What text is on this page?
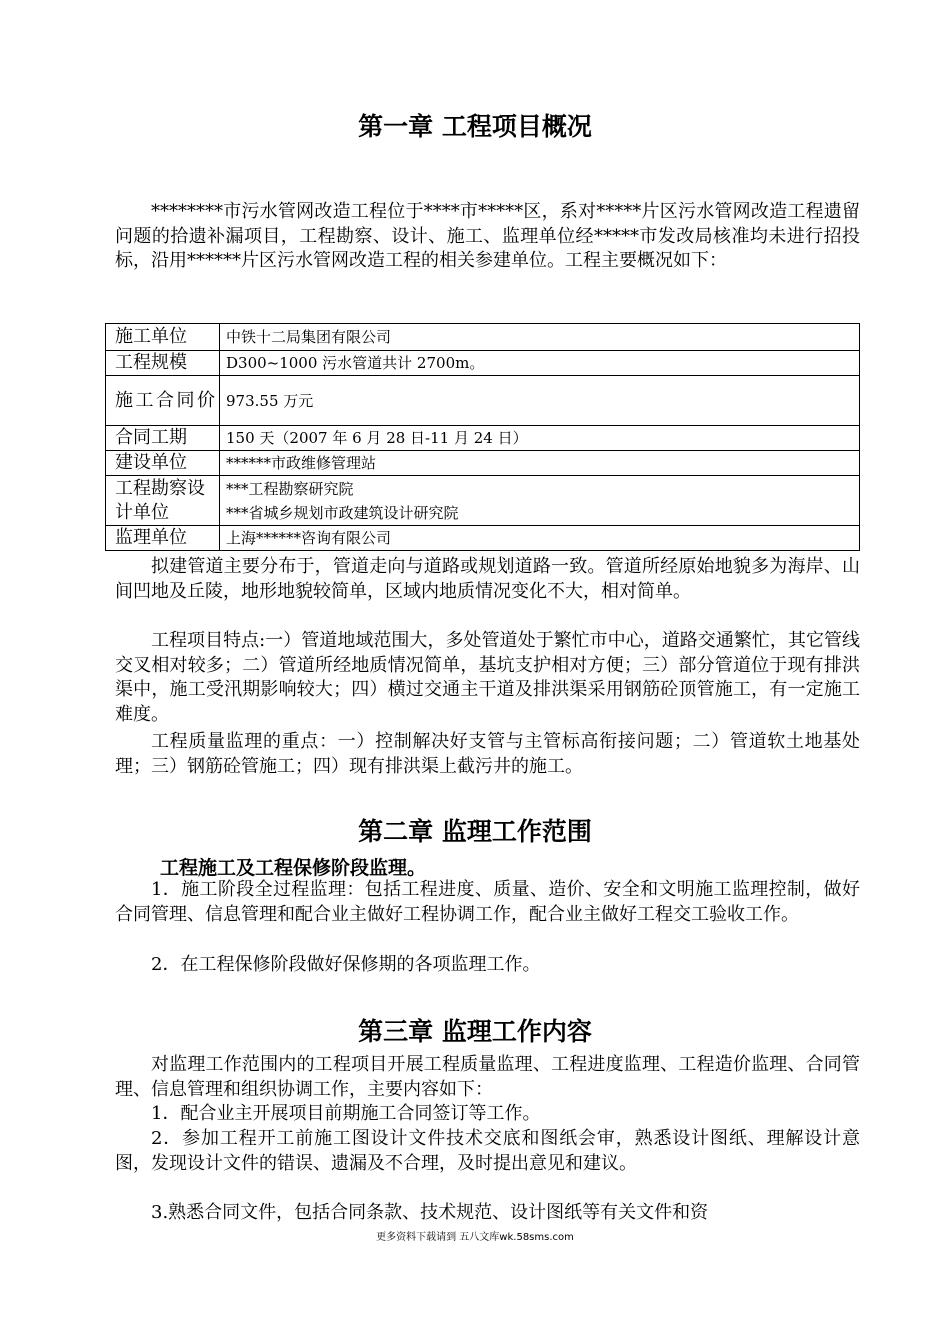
第一章 工程项目概况

********市污水管网改造工程位于****市*****区，系对*****片区污水管网改造工程遗留问题的拾遗补漏项目，工程勘察、设计、施工、监理单位经*****市发改局核准均未进行招投标，沿用******片区污水管网改造工程的相关参建单位。工程主要概况如下：

施工单位	中铁十二局集团有限公司
工程规模	D300~1000 污水管道共计 2700m。
施工合同价	973.55 万元
合同工期	150 天（2007 年 6 月 28 日-11 月 24 日）
建设单位	******市政维修管理站
工程勘察设计单位	***工程勘察研究院
***省城乡规划市政建筑设计研究院

监理单位	上海******咨询有限公司

拟建管道主要分布于，管道走向与道路或规划道路一致。管道所经原始地貌多为海岸、山间凹地及丘陵，地形地貌较简单，区域内地质情况变化不大，相对简单。

工程项目特点:一）管道地域范围大，多处管道处于繁忙市中心，道路交通繁忙，其它管线交叉相对较多；二）管道所经地质情况简单，基坑支护相对方便；三）部分管道位于现有排洪渠中，施工受汛期影响较大；四）横过交通主干道及排洪渠采用钢筋砼顶管施工，有一定施工难度。

工程质量监理的重点：一）控制解决好支管与主管标高衔接问题；二）管道软土地基处理；三）钢筋砼管施工；四）现有排洪渠上截污井的施工。

第二章 监理工作范围
工程施工及工程保修阶段监理。

1．施工阶段全过程监理：包括工程进度、质量、造价、安全和文明施工监理控制，做好合同管理、信息管理和配合业主做好工程协调工作，配合业主做好工程交工验收工作。

2．在工程保修阶段做好保修期的各项监理工作。

第三章 监理工作内容

对监理工作范围内的工程项目开展工程质量监理、工程进度监理、工程造价监理、合同管理、信息管理和组织协调工作，主要内容如下：

1．配合业主开展项目前期施工合同签订等工作。

2．参加工程开工前施工图设计文件技术交底和图纸会审，熟悉设计图纸、理解设计意图，发现设计文件的错误、遗漏及不合理，及时提出意见和建议。

3.熟悉合同文件，包括合同条款、技术规范、设计图纸等有关文件和资

更多资料下载请到 五八文库wk.58sms.com
